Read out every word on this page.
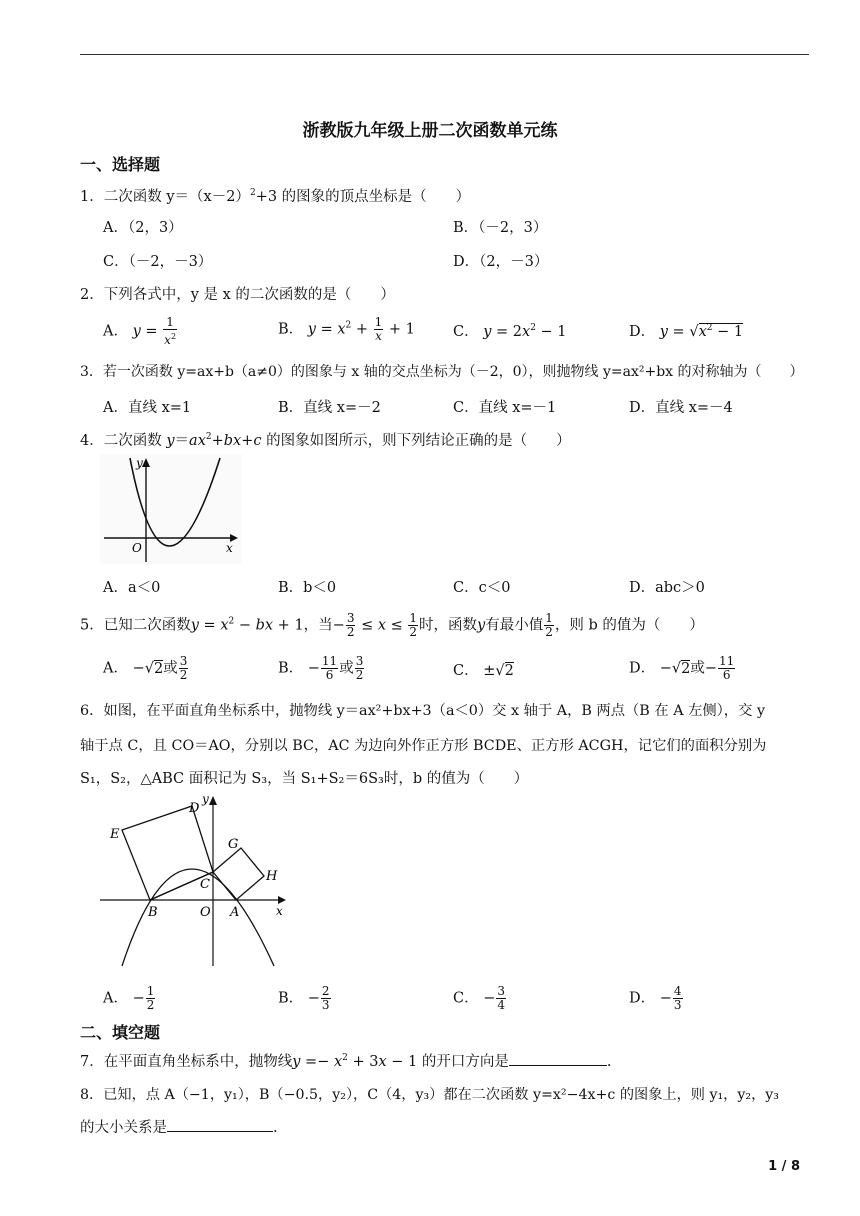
浙教版九年级上册二次函数单元练
一、选择题
1．二次函数 $y=(x-2)^2+3$ 的图象的顶点坐标是（　　）
A．（2，3）	B．（－2，3）
C．（－2，－3）	D．（2，－3）
2．下列各式中，y 是 x 的二次函数的是（　　）
A． $y = \frac{1}{x^2}$	B． $y = x^2 + \frac{1}{x} + 1$	C． $y = 2x^2 - 1$	D． $y = √x^2 - 1$
3．若一次函数 y=ax+b（a≠0）的图象与 x 轴的交点坐标为（－2，0），则抛物线 y=ax²+bx 的对称轴为（　　）
A．直线 x=1	B．直线 x=－2	C．直线 x=－1	D．直线 x=－4
4．二次函数 $y=ax^2+bx+c$ 的图象如图所示，则下列结论正确的是（　　）
y
x
O
A．a＜0	B．b＜0	C．c＜0	D．abc＞0
5．已知二次函数$y = x^2$ − bx + 1，当− $\frac{3}{2} \le x \le \frac{1}{2}$ 时，函数y有最小值 $\frac{1}{2}$ ，则 b 的值为（　　）
A． −√2或 $\frac{3}{2}$	B． − $\frac{11}{6}$ 或 $\frac{3}{2}$	C． ±√2	D． −√2或− $\frac{11}{6}$
6．如图，在平面直角坐标系中，抛物线 y＝ax²+bx+3（a＜0）交 x 轴于 A，B 两点（B 在 A 左侧），交 y
轴于点 C，且 CO＝AO，分别以 BC，AC 为边向外作正方形 BCDE、正方形 ACGH，记它们的面积分别为
S₁，S₂，△ABC 面积记为 S₃，当 S₁+S₂＝6S₃时，b 的值为（　　）
E
D
y
G
H
C
B	O A	x
A． − $\frac{1}{2}$	B． − $\frac{2}{3}$	C． − $\frac{3}{4}$	D． − $\frac{4}{3}$
二、填空题
7．在平面直角坐标系中，抛物线$y =- x^2 + 3x - 1$ 的开口方向是	.
8．已知，点 A（−1，y₁），B（−0.5，y₂），C（4，y₃）都在二次函数 y=x²−4x+c 的图象上，则 y₁，y₂，y₃
的大小关系是	.
1 / 8
